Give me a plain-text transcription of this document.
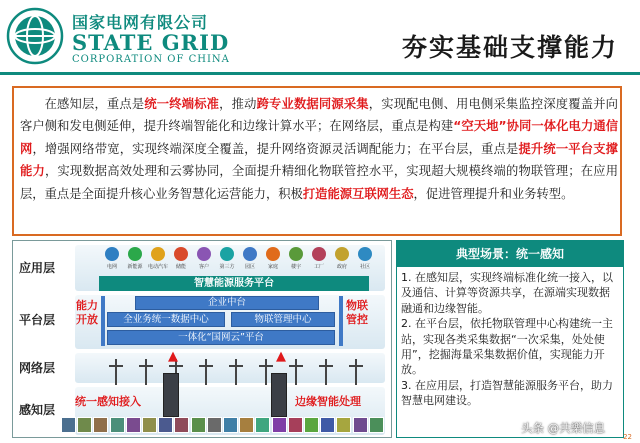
国家电网有限公司
STATE GRID
CORPORATION OF CHINA	夯实基础支撑能力

在感知层，重点是统一终端标准，推动跨专业数据同源采集，实现配电侧、用电侧采集监控深度覆盖并向客户侧和发电侧延伸，提升终端智能化和边缘计算水平；在网络层，重点是构建“空天地”协同一体化电力通信网，增强网络带宽，实现终端深度全覆盖，提升网络资源灵活调配能力；在平台层，重点是提升统一平台支撑能力，实现数据高效处理和云雾协同，全面提升精细化物联管控水平，实现超大规模终端的物联管理；在应用层，重点是全面提升核心业务智慧化运营能力，积极打造能源互联网生态，促进管理提升和业务转型。

应用层
平台层
网络层
感知层
电网	新能源	电动汽车	储能	客户	第三方	园区	家庭	楼宇	工厂	政府	社区
智慧能源服务平台
企业中台
全业务统一数据中心	物联管理中心
一体化“国网云”平台
能力开放
物联管控
▲	▲
统一感知接入	边缘智能处理
典型场景：统一感知

1. 在感知层，实现终端标准化统一接入，以及通信、计算等资源共享，在源端实现数据融通和边缘智能。

2. 在平台层，依托物联管理中心构建统一主站，实现各类采集数据“一次采集，处处使用”，挖掘海量采集数据价值，实现能力开放。

3. 在应用层，打造智慧能源服务平台，助力智慧电网建设。

头条 @共樂信息
22
